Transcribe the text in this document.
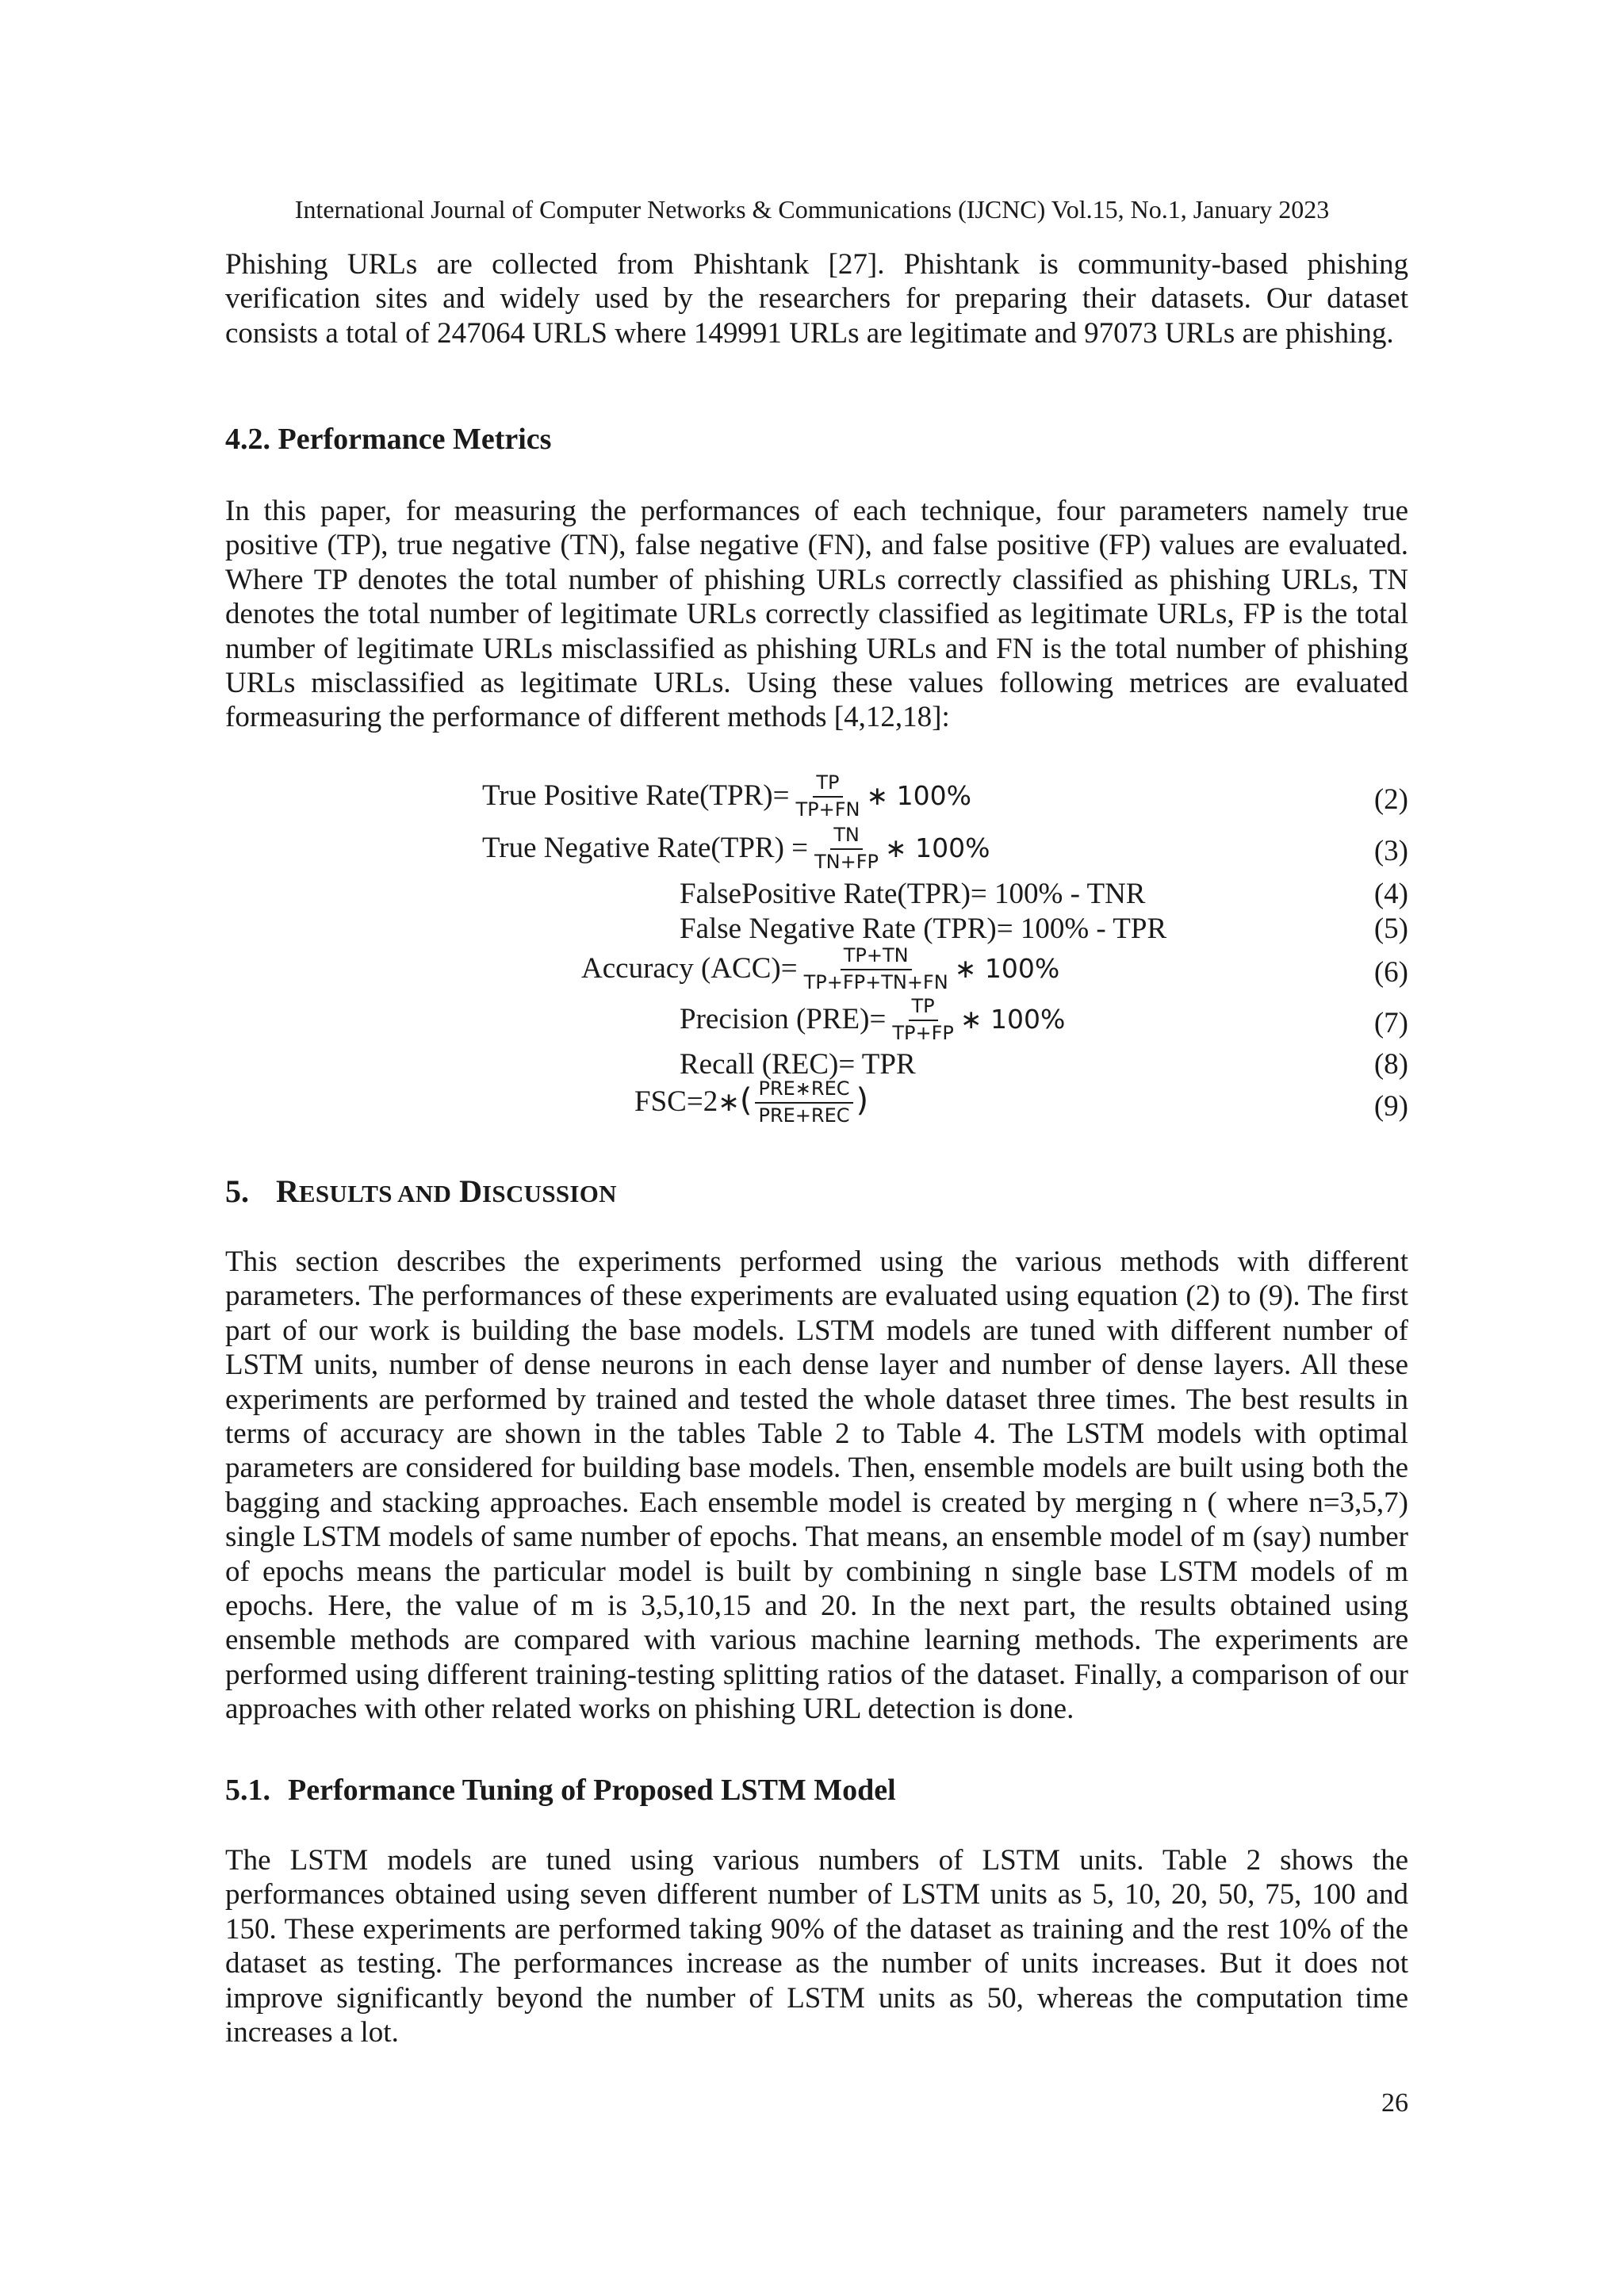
International Journal of Computer Networks & Communications (IJCNC) Vol.15, No.1, January 2023

Phishing URLs are collected from Phishtank [27]. Phishtank is community-based phishing verification sites and widely used by the researchers for preparing their datasets. Our dataset consists a total of 247064 URLS where 149991 URLs are legitimate and 97073 URLs are phishing.

4.2. Performance Metrics

In this paper, for measuring the performances of each technique, four parameters namely true positive (TP), true negative (TN), false negative (FN), and false positive (FP) values are evaluated. Where TP denotes the total number of phishing URLs correctly classified as phishing URLs, TN denotes the total number of legitimate URLs correctly classified as legitimate URLs, FP is the total number of legitimate URLs misclassified as phishing URLs and FN is the total number of phishing URLs misclassified as legitimate URLs. Using these values following metrices are evaluated formeasuring the performance of different methods [4,12,18]:

True Positive Rate(TPR)= $\frac{TP}{TP+FN}$ ∗ 100%	(2)
True Negative Rate(TPR) = $\frac{TN}{TN+FP}$ ∗ 100%	(3)
FalsePositive Rate(TPR)= 100% - TNR	(4)
False Negative Rate (TPR)= 100% - TPR	(5)
Accuracy $(ACC)= \frac{TP+TN}{TP+FP+TN+FN}$ ∗ 100%	(6)
Precision $(PRE)= \frac{TP}{TP+FP}$ ∗ 100%	(7)
Recall (REC)= TPR	(8)
FSC=2∗( $\frac{\text{PRE∗REC}}{\text{PRE+REC}}$ )	(9)
5. RESULTS AND DISCUSSION

This section describes the experiments performed using the various methods with different parameters. The performances of these experiments are evaluated using equation (2) to (9). The first part of our work is building the base models. LSTM models are tuned with different number of LSTM units, number of dense neurons in each dense layer and number of dense layers. All these experiments are performed by trained and tested the whole dataset three times. The best results in terms of accuracy are shown in the tables Table 2 to Table 4. The LSTM models with optimal parameters are considered for building base models. Then, ensemble models are built using both the bagging and stacking approaches. Each ensemble model is created by merging n ( where n=3,5,7) single LSTM models of same number of epochs. That means, an ensemble model of m (say) number of epochs means the particular model is built by combining n single base LSTM models of m epochs. Here, the value of m is 3,5,10,15 and 20. In the next part, the results obtained using ensemble methods are compared with various machine learning methods. The experiments are performed using different training-testing splitting ratios of the dataset. Finally, a comparison of our approaches with other related works on phishing URL detection is done.

5.1. Performance Tuning of Proposed LSTM Model

The LSTM models are tuned using various numbers of LSTM units. Table 2 shows the performances obtained using seven different number of LSTM units as 5, 10, 20, 50, 75, 100 and 150. These experiments are performed taking 90% of the dataset as training and the rest 10% of the dataset as testing. The performances increase as the number of units increases. But it does not improve significantly beyond the number of LSTM units as 50, whereas the computation time increases a lot.

26
